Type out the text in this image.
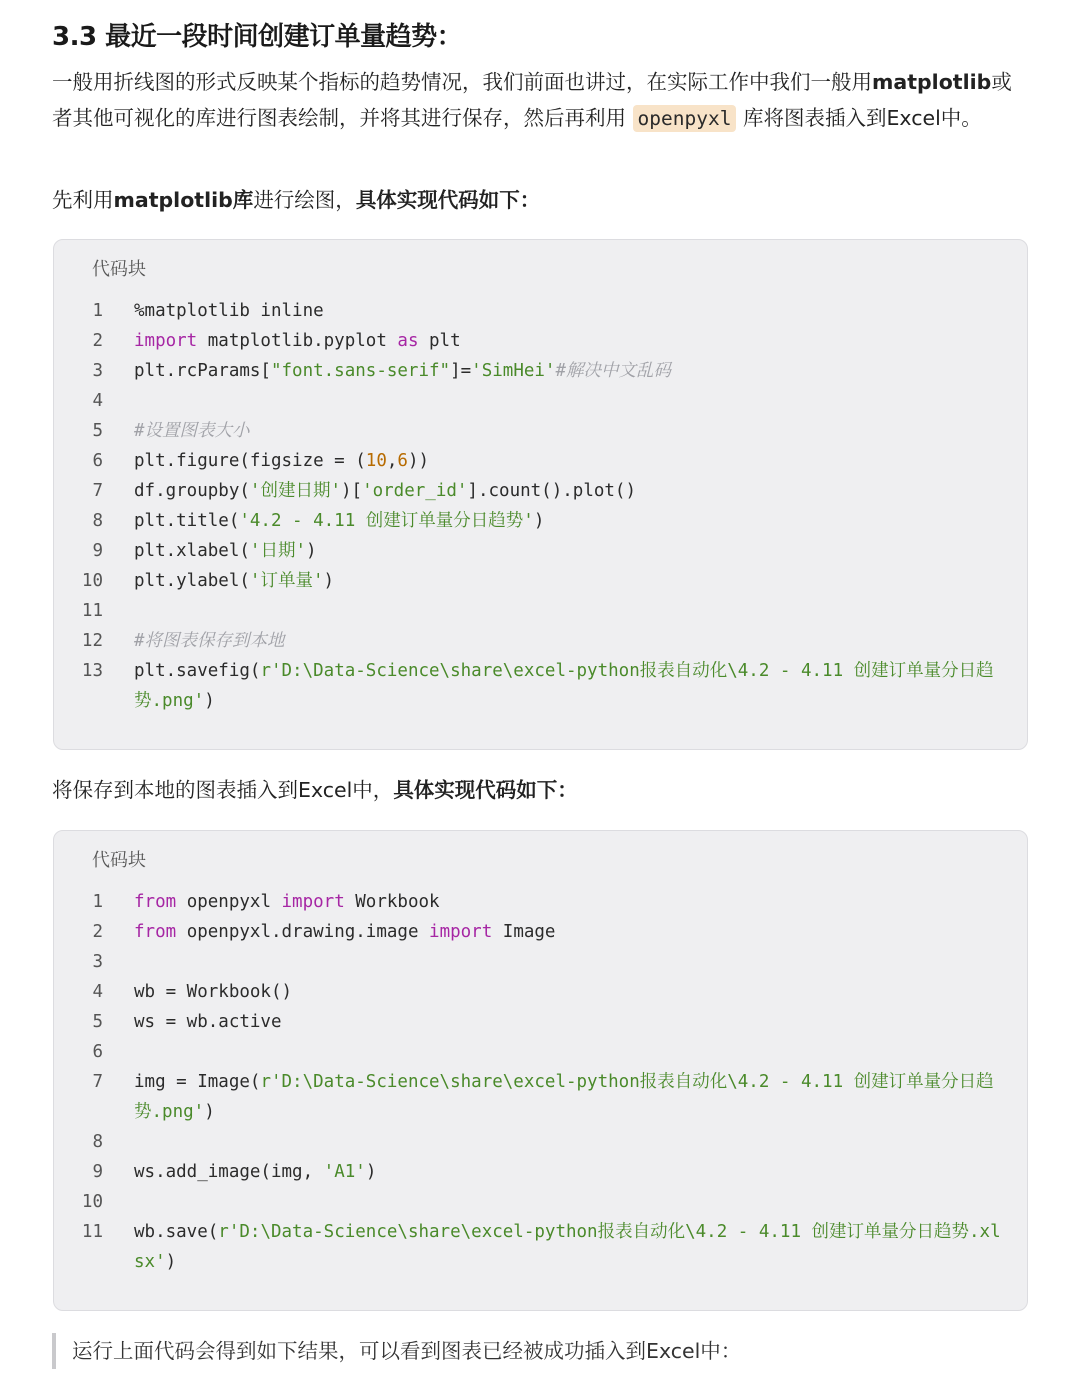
3.3 最近一段时间创建订单量趋势：

一般用折线图的形式反映某个指标的趋势情况，我们前面也讲过，在实际工作中我们一般用matplotlib或者其他可视化的库进行图表绘制，并将其进行保存，然后再利用 openpyxl 库将图表插入到Excel中。

先利用matplotlib库进行绘图，具体实现代码如下：

代码块
1 %matplotlib inline
2 import matplotlib.pyplot as plt
3 plt.rcParams["font.sans-serif"]='SimHei'#解决中文乱码
4

5 #设置图表大小
6 plt.figure(figsize = (10,6))
7 df.groupby('创建日期')['order_id'].count().plot()
8 plt.title('4.2 - 4.11 创建订单量分日趋势')
9 plt.xlabel('日期')
10 plt.ylabel('订单量')
11

12 #将图表保存到本地
13 plt.savefig(r'D:\Data-Science\share\excel-python报表自动化\4.2 - 4.11 创建订单量分日趋势.png')

将保存到本地的图表插入到Excel中，具体实现代码如下：

代码块
1 from openpyxl import Workbook
2 from openpyxl.drawing.image import Image
3

4 wb = Workbook()
5 ws = wb.active
6

7 img = Image(r'D:\Data-Science\share\excel-python报表自动化\4.2 - 4.11 创建订单量分日趋势.png')
8

9 ws.add_image(img, 'A1')
10

11 wb.save(r'D:\Data-Science\share\excel-python报表自动化\4.2 - 4.11 创建订单量分日趋势.xlsx')
运行上面代码会得到如下结果，可以看到图表已经被成功插入到Excel中：
